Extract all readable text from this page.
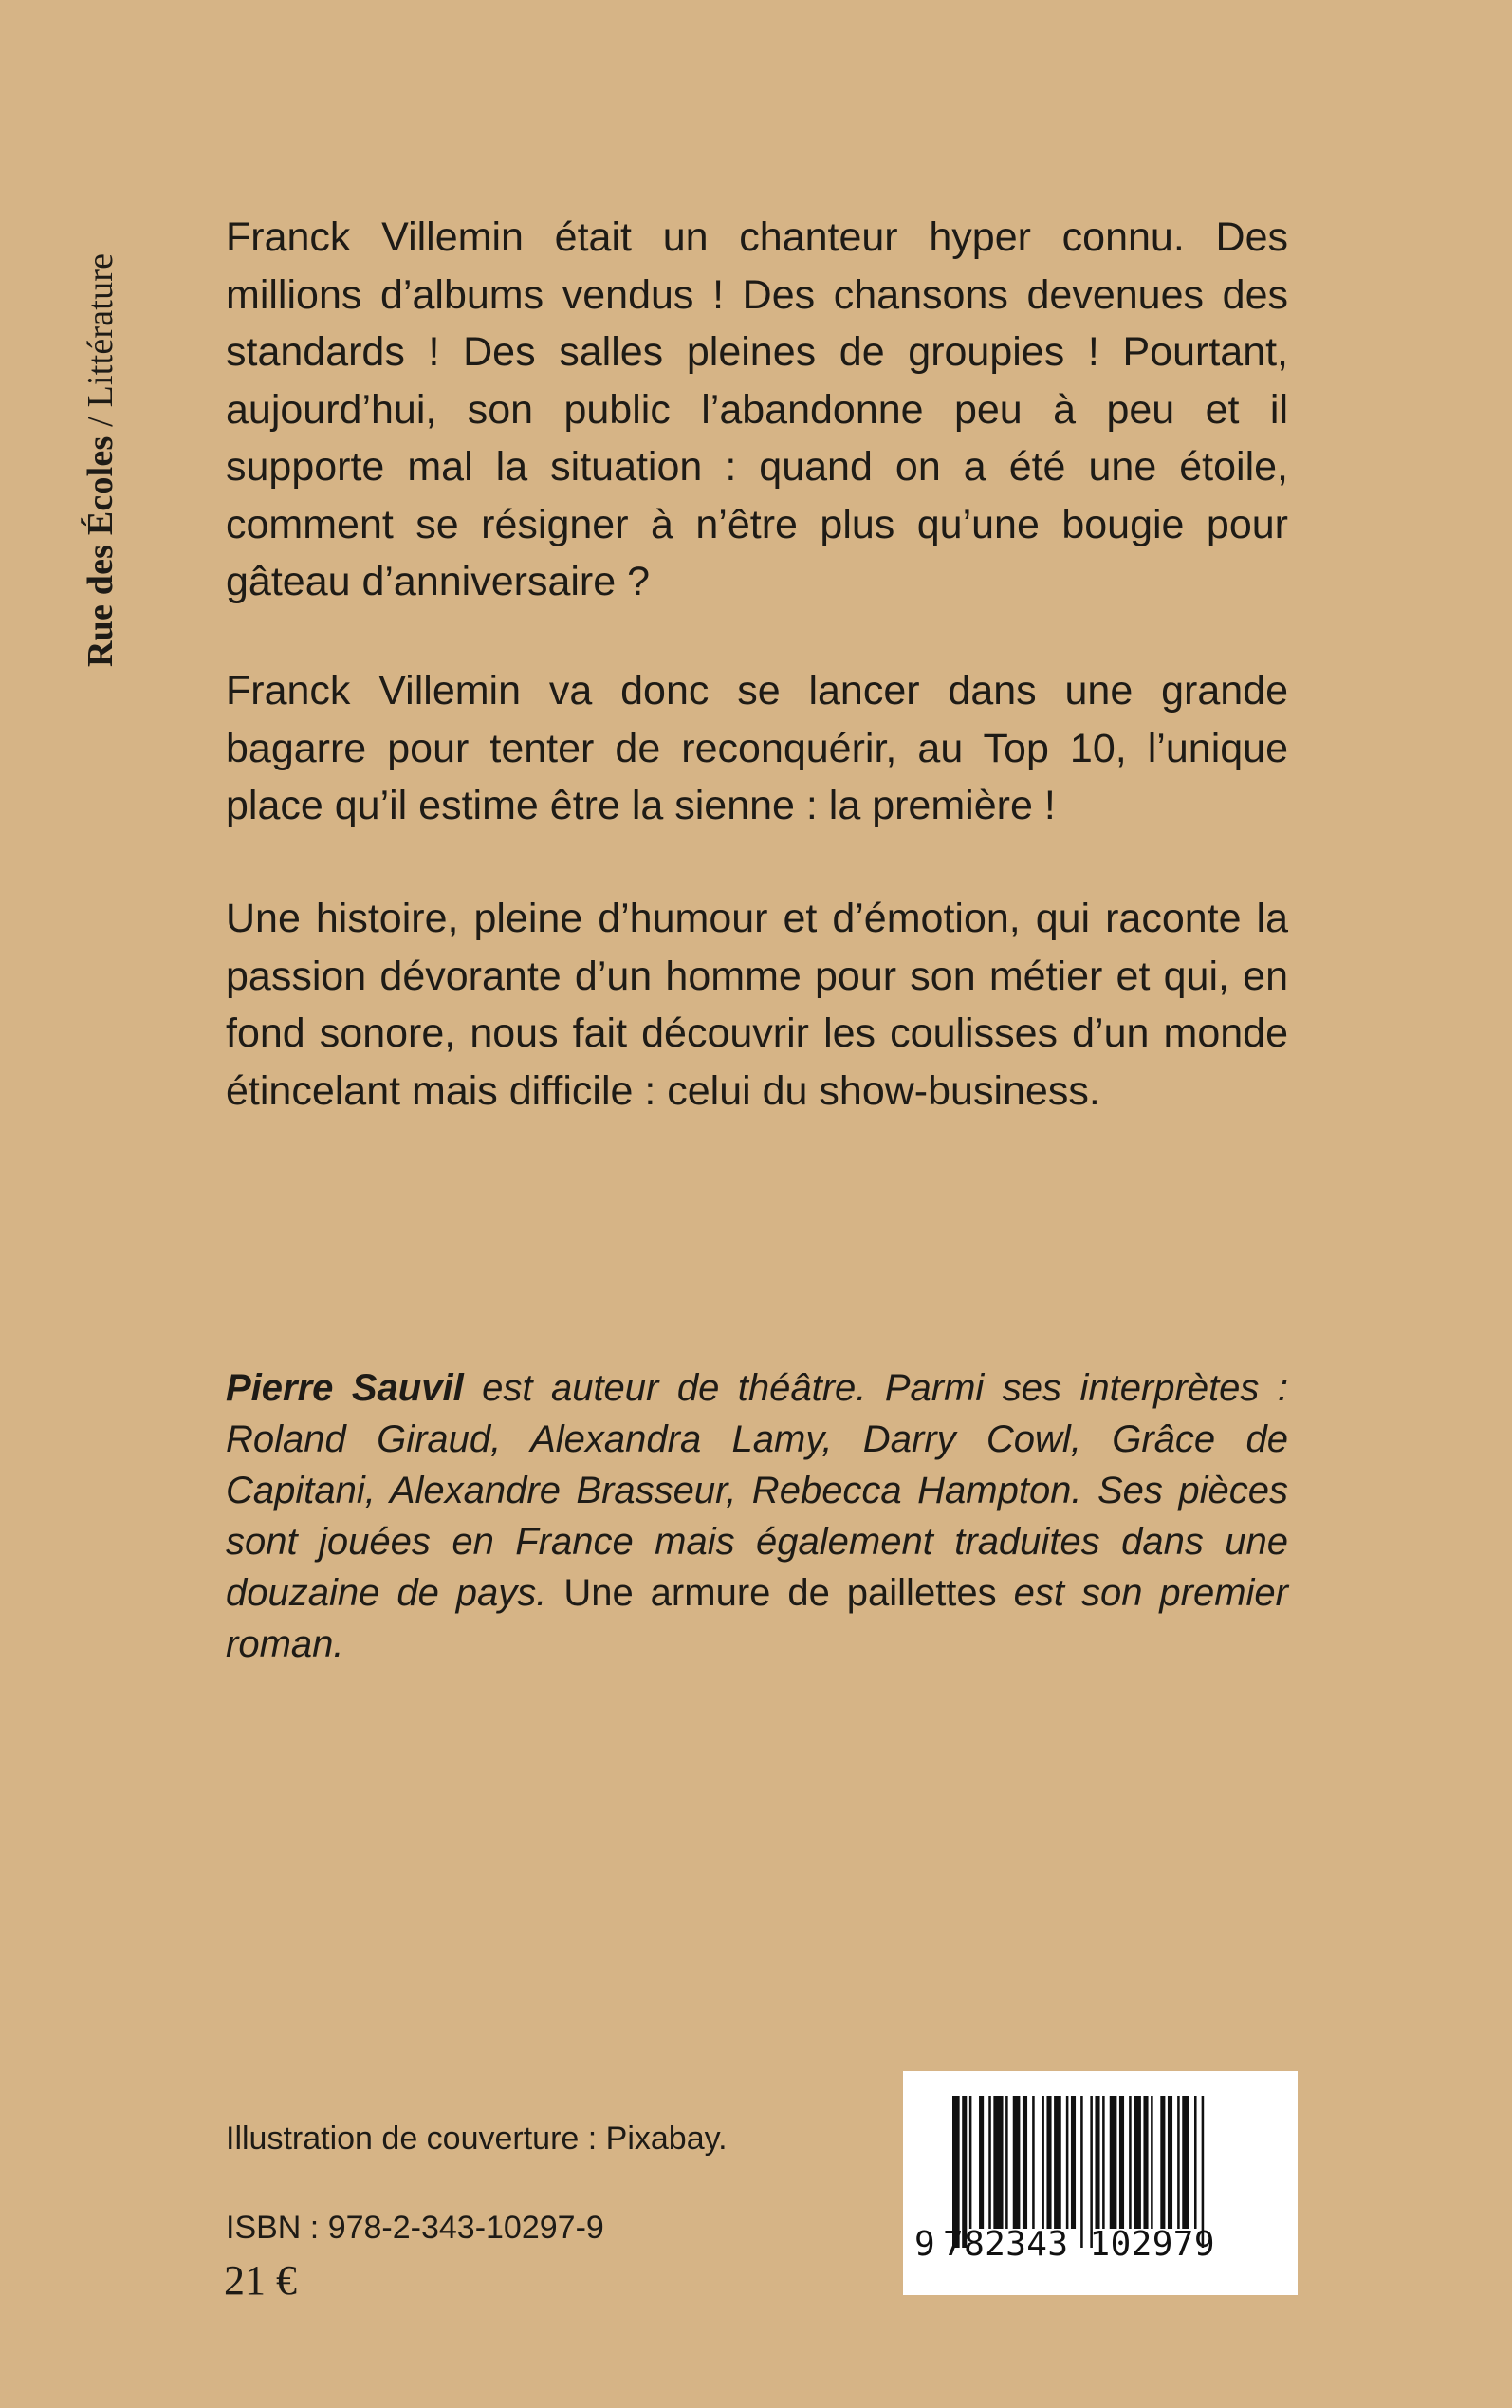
Rue des Écoles / Littérature

Franck Villemin était un chanteur hyper connu. Des millions d’albums vendus ! Des chansons devenues des standards ! Des salles pleines de groupies ! Pourtant, aujourd’hui, son public l’abandonne peu à peu et il supporte mal la situation : quand on a été une étoile, comment se résigner à n’être plus qu’une bougie pour gâteau d’anniversaire ?

Franck Villemin va donc se lancer dans une grande bagarre pour tenter de reconquérir, au Top 10, l’unique place qu’il estime être la sienne : la première !

Une histoire, pleine d’humour et d’émotion, qui raconte la passion dévorante d’un homme pour son métier et qui, en fond sonore, nous fait découvrir les coulisses d’un monde étincelant mais difficile : celui du show-business.

Pierre Sauvil est auteur de théâtre. Parmi ses interprètes : Roland Giraud, Alexandra Lamy, Darry Cowl, Grâce de Capitani, Alexandre Brasseur, Rebecca Hampton. Ses pièces sont jouées en France mais également traduites dans une douzaine de pays. Une armure de paillettes est son premier roman.

Illustration de couverture : Pixabay.
ISBN : 978-2-343-10297-9
21 €
9 782343 102979
